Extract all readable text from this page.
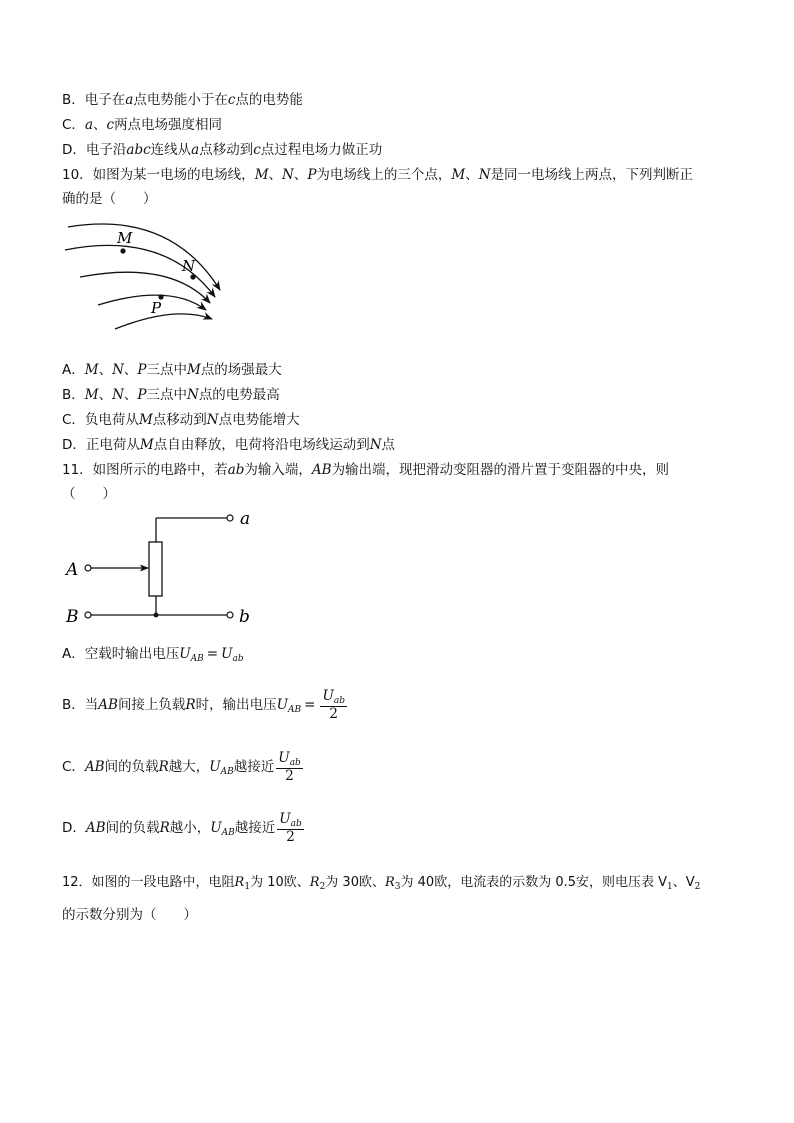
B．电子在a点电势能小于在c点的电势能
C．a、c两点电场强度相同
D．电子沿abc连线从a点移动到c点过程电场力做正功
10．如图为某一电场的电场线，M、N、P为电场线上的三个点，M、N是同一电场线上两点，下列判断正
确的是（　　）
M
N
P
A．M、N、P三点中M点的场强最大
B．M、N、P三点中N点的电势最高
C．负电荷从M点移动到N点电势能增大
D．正电荷从M点自由释放，电荷将沿电场线运动到N点
11．如图所示的电路中，若ab为输入端，AB为输出端，现把滑动变阻器的滑片置于变阻器的中央，则
（　　）
a
b
A
B
A．空载时输出电压$U_{AB} = U_{ab}$
B．当AB间接上负载R时，输出电压$U_{AB} = \frac{U_{ab}}{2}$
C．AB间的负载R越大，$U_{AB}$越接近 $\frac{U_{ab}}{2}$
D．AB间的负载R越小，$U_{AB}$越接近 $\frac{U_{ab}}{2}$
12．如图的一段电路中，电阻$R_1$为 10欧、$R_2$为 30欧、$R_3$为 40欧，电流表的示数为 0.5安，则电压表 $V_1$、$V_2$
的示数分别为（　　）
